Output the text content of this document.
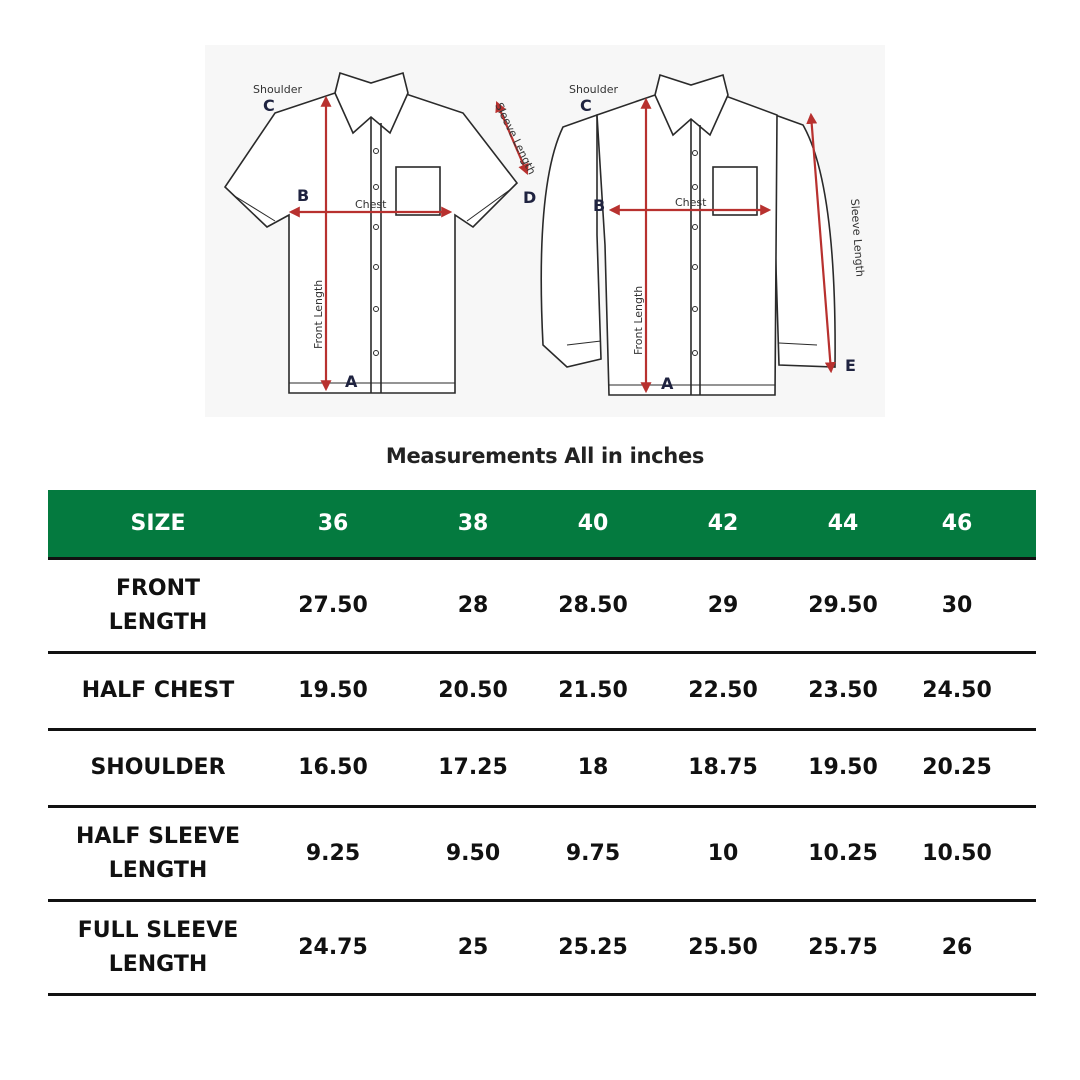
Shoulder
C
B	D
A
Chest
Front Length
Sleeve Length
Shoulder
C
B
E
A
Chest
Front Length
Sleeve Length
Measurements All in inches
SIZE	36	38	40	42	44	46
FRONT
LENGTH	27.50	28	28.50	29	29.50	30
HALF CHEST	19.50	20.50	21.50	22.50	23.50	24.50
SHOULDER	16.50	17.25	18	18.75	19.50	20.25
HALF SLEEVE
LENGTH	9.25	9.50	9.75	10	10.25	10.50
FULL SLEEVE
LENGTH	24.75	25	25.25	25.50	25.75	26
